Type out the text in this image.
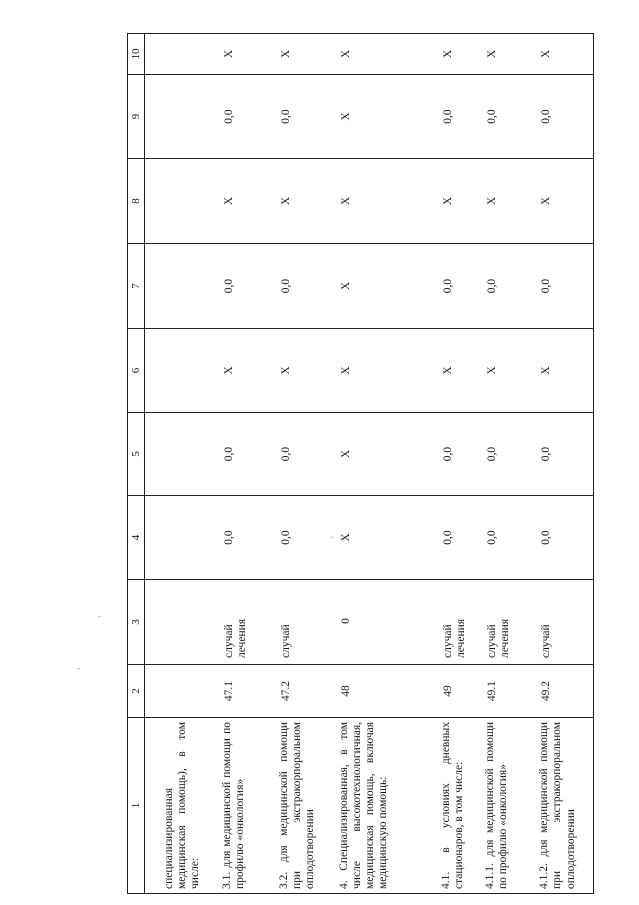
1	2	3	4	5	6	7	8	9	10
специализированная медицинская помощь), в том числе:									
3.1. для медицинской помощи по профилю «онкология»	47.1	случай лечения	0,0	0,0	Х	0,0	Х	0,0	Х
3.2. для медицинской помощи при экстракорпоральном оплодотворении	47.2	случай	0,0	0,0	Х	0,0	Х	0,0	Х
4. Специализированная, в том числе высокотехнологичная, медицинская помощь, включая медицинскую помощь:	48	0	Х	Х	Х	Х	Х	Х	Х
4.1. в условиях дневных стационаров, в том числе:	49	случай лечения	0,0	0,0	Х	0,0	Х	0,0	Х
4.1.1. для медицинской помощи по профилю «онкология»	49.1	случай лечения	0,0	0,0	Х	0,0	Х	0,0	Х
4.1.2. для медицинской помощи при экстракорпоральном оплодотворении	49.2	случай	0,0	0,0	Х	0,0	Х	0,0	Х
